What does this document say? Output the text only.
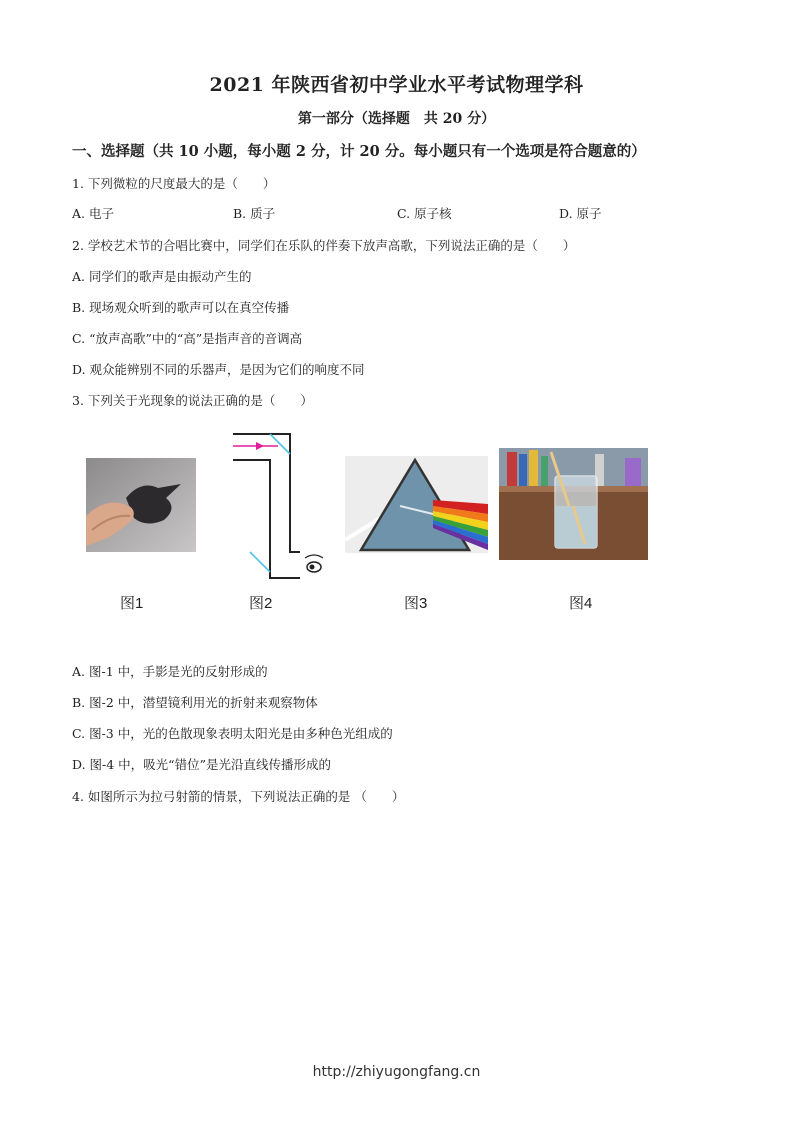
2021 年陕西省初中学业水平考试物理学科
第一部分（选择题　共 20 分）
一、选择题（共 10 小题，每小题 2 分，计 20 分。每小题只有一个选项是符合题意的）
1. 下列微粒的尺度最大的是（　　）
A. 电子	B. 质子	C. 原子核	D. 原子
2. 学校艺术节的合唱比赛中，同学们在乐队的伴奏下放声高歌，下列说法正确的是（　　）
A. 同学们的歌声是由振动产生的
B. 现场观众听到的歌声可以在真空传播
C. “放声高歌”中的“高”是指声音的音调高
D. 观众能辨别不同的乐器声，是因为它们的响度不同
3. 下列关于光现象的说法正确的是（　　）
图1	图2	图3	图4
A. 图-1 中，手影是光的反射形成的
B. 图-2 中，潜望镜利用光的折射来观察物体
C. 图-3 中，光的色散现象表明太阳光是由多种色光组成的
D. 图-4 中，吸光“错位”是光沿直线传播形成的
4. 如图所示为拉弓射箭的情景，下列说法正确的是 （　　）
http://zhiyugongfang.cn
